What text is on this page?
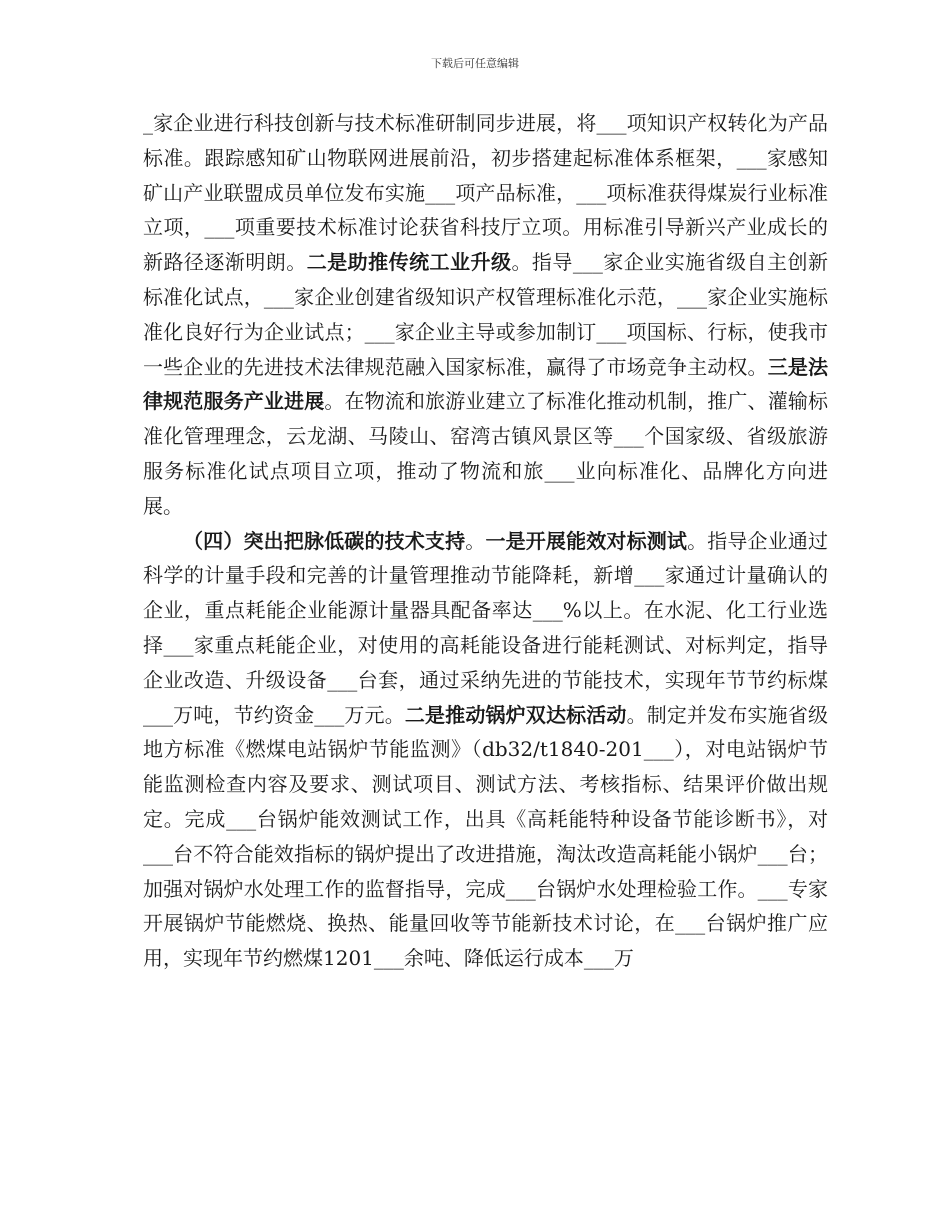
下载后可任意编辑

_家企业进行科技创新与技术标准研制同步进展，将___项知识产权转化为产品标准。跟踪感知矿山物联网进展前沿，初步搭建起标准体系框架，___家感知矿山产业联盟成员单位发布实施___项产品标准，___项标准获得煤炭行业标准立项，___项重要技术标准讨论获省科技厅立项。用标准引导新兴产业成长的新路径逐渐明朗。二是助推传统工业升级。指导___家企业实施省级自主创新标准化试点，___家企业创建省级知识产权管理标准化示范，___家企业实施标准化良好行为企业试点；___家企业主导或参加制订___项国标、行标，使我市一些企业的先进技术法律规范融入国家标准，赢得了市场竞争主动权。三是法律规范服务产业进展。在物流和旅游业建立了标准化推动机制，推广、灌输标准化管理理念，云龙湖、马陵山、窑湾古镇风景区等___个国家级、省级旅游服务标准化试点项目立项，推动了物流和旅___业向标准化、品牌化方向进展。

（四）突出把脉低碳的技术支持。一是开展能效对标测试。指导企业通过科学的计量手段和完善的计量管理推动节能降耗，新增___家通过计量确认的企业，重点耗能企业能源计量器具配备率达___%以上。在水泥、化工行业选择___家重点耗能企业，对使用的高耗能设备进行能耗测试、对标判定，指导企业改造、升级设备___台套，通过采纳先进的节能技术，实现年节节约标煤___万吨，节约资金___万元。二是推动锅炉双达标活动。制定并发布实施省级地方标准《燃煤电站锅炉节能监测》（db32/t1840-201___），对电站锅炉节能监测检查内容及要求、测试项目、测试方法、考核指标、结果评价做出规定。完成___台锅炉能效测试工作，出具《高耗能特种设备节能诊断书》，对___台不符合能效指标的锅炉提出了改进措施，淘汰改造高耗能小锅炉___台；加强对锅炉水处理工作的监督指导，完成___台锅炉水处理检验工作。___专家开展锅炉节能燃烧、换热、能量回收等节能新技术讨论，在___台锅炉推广应用，实现年节约燃煤1201___余吨、降低运行成本___万
